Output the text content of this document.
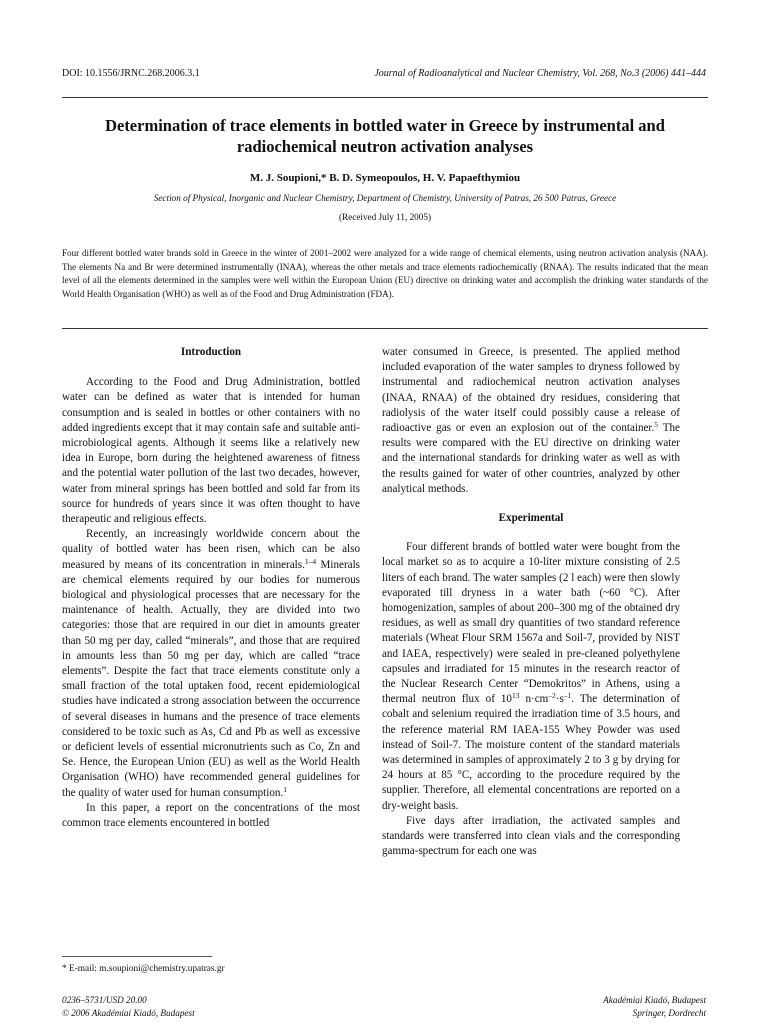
DOI: 10.1556/JRNC.268.2006.3.1	Journal of Radioanalytical and Nuclear Chemistry, Vol. 268, No.3 (2006) 441–444
Determination of trace elements in bottled water in Greece by instrumental and radiochemical neutron activation analyses
M. J. Soupioni,* B. D. Symeopoulos, H. V. Papaefthymiou
Section of Physical, Inorganic and Nuclear Chemistry, Department of Chemistry, University of Patras, 26 500 Patras, Greece
(Received July 11, 2005)

Four different bottled water brands sold in Greece in the winter of 2001–2002 were analyzed for a wide range of chemical elements, using neutron activation analysis (NAA). The elements Na and Br were determined instrumentally (INAA), whereas the other metals and trace elements radiochemically (RNAA). The results indicated that the mean level of all the elements determined in the samples were well within the European Union (EU) directive on drinking water and accomplish the drinking water standards of the World Health Organisation (WHO) as well as of the Food and Drug Administration (FDA).

Introduction

According to the Food and Drug Administration, bottled water can be defined as water that is intended for human consumption and is sealed in bottles or other containers with no added ingredients except that it may contain safe and suitable anti-microbiological agents. Although it seems like a relatively new idea in Europe, born during the heightened awareness of fitness and the potential water pollution of the last two decades, however, water from mineral springs has been bottled and sold far from its source for hundreds of years since it was often thought to have therapeutic and religious effects.

Recently, an increasingly worldwide concern about the quality of bottled water has been risen, which can be also measured by means of its concentration in minerals.$^{1-4}$ Minerals are chemical elements required by our bodies for numerous biological and physiological processes that are necessary for the maintenance of health. Actually, they are divided into two categories: those that are required in our diet in amounts greater than 50 mg per day, called “minerals”, and those that are required in amounts less than 50 mg per day, which are called “trace elements”. Despite the fact that trace elements constitute only a small fraction of the total uptaken food, recent epidemiological studies have indicated a strong association between the occurrence of several diseases in humans and the presence of trace elements considered to be toxic such as As, Cd and Pb as well as excessive or deficient levels of essential micronutrients such as Co, Zn and Se. Hence, the European Union (EU) as well as the World Health Organisation (WHO) have recommended general guidelines for the quality of water used for human consumption.$^1$

In this paper, a report on the concentrations of the most common trace elements encountered in bottled

water consumed in Greece, is presented. The applied method included evaporation of the water samples to dryness followed by instrumental and radiochemical neutron activation analyses (INAA, RNAA) of the obtained dry residues, considering that radiolysis of the water itself could possibly cause a release of radioactive gas or even an explosion out of the container.$^5$ The results were compared with the EU directive on drinking water and the international standards for drinking water as well as with the results gained for water of other countries, analyzed by other analytical methods.

Experimental

Four different brands of bottled water were bought from the local market so as to acquire a 10-liter mixture consisting of 2.5 liters of each brand. The water samples (2 l each) were then slowly evaporated till dryness in a water bath (~60 °C). After homogenization, samples of about 200–300 mg of the obtained dry residues, as well as small dry quantities of two standard reference materials (Wheat Flour SRM 1567a and Soil-7, provided by NIST and IAEA, respectively) were sealed in pre-cleaned polyethylene capsules and irradiated for 15 minutes in the research reactor of the Nuclear Research Center “Demokritos” in Athens, using a thermal neutron flux of $10^{13}$ $n\cdot cm^{-2}\cdot s^{-1}$. The determination of cobalt and selenium required the irradiation time of 3.5 hours, and the reference material RM IAEA-155 Whey Powder was used instead of Soil-7. The moisture content of the standard materials was determined in samples of approximately 2 to 3 g by drying for 24 hours at 85 °C, according to the procedure required by the supplier. Therefore, all elemental concentrations are reported on a dry-weight basis.

Five days after irradiation, the activated samples and standards were transferred into clean vials and the corresponding gamma-spectrum for each one was

* E-mail: m.soupioni@chemistry.upatras.gr
0236–5731/USD 20.00
© 2006 Akadémiai Kiadó, Budapest
Akadémiai Kiadó, Budapest
Springer, Dordrecht
